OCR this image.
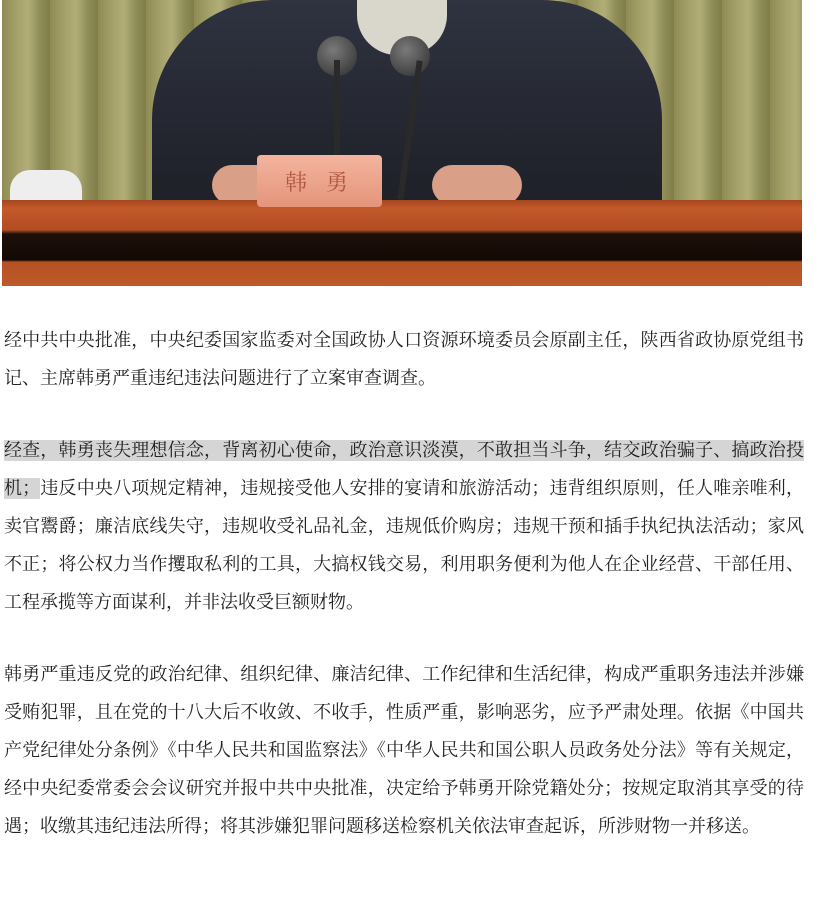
韩 勇

经中共中央批准，中央纪委国家监委对全国政协人口资源环境委员会原副主任，陕西省政协原党组书记、主席韩勇严重违纪违法问题进行了立案审查调查。

经查，韩勇丧失理想信念，背离初心使命，政治意识淡漠，不敢担当斗争，结交政治骗子、搞政治投机；违反中央八项规定精神，违规接受他人安排的宴请和旅游活动；违背组织原则，任人唯亲唯利，卖官鬻爵；廉洁底线失守，违规收受礼品礼金，违规低价购房；违规干预和插手执纪执法活动；家风不正；将公权力当作攫取私利的工具，大搞权钱交易，利用职务便利为他人在企业经营、干部任用、工程承揽等方面谋利，并非法收受巨额财物。

韩勇严重违反党的政治纪律、组织纪律、廉洁纪律、工作纪律和生活纪律，构成严重职务违法并涉嫌受贿犯罪，且在党的十八大后不收敛、不收手，性质严重，影响恶劣，应予严肃处理。依据《中国共产党纪律处分条例》《中华人民共和国监察法》《中华人民共和国公职人员政务处分法》等有关规定，经中央纪委常委会会议研究并报中共中央批准，决定给予韩勇开除党籍处分；按规定取消其享受的待遇；收缴其违纪违法所得；将其涉嫌犯罪问题移送检察机关依法审查起诉，所涉财物一并移送。
